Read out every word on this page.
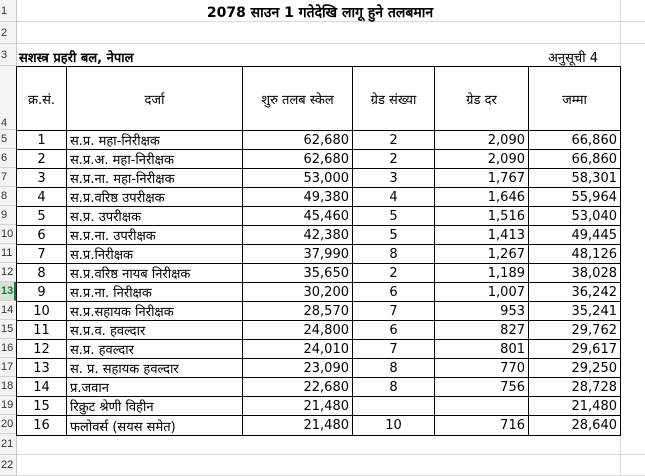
1
2
3
4
5
6
7
8
9
10
11
12
13
14
15
16
17
18
19
20
21
22
2078 साउन 1 गतेदेखि लागू हुने तलबमान
सशस्त्र प्रहरी बल, नेपाल	अनुसूची 4
क्र.सं.	दर्जा	शुरु तलब स्केल	ग्रेड संख्या	ग्रेड दर	जम्मा
1	स.प्र. महा-निरीक्षक	62,680	2	2,090	66,860
2	स.प्र.अ. महा-निरीक्षक	62,680	2	2,090	66,860
3	स.प्र.ना. महा-निरीक्षक	53,000	3	1,767	58,301
4	स.प्र.वरिष्ठ उपरीक्षक	49,380	4	1,646	55,964
5	स.प्र. उपरीक्षक	45,460	5	1,516	53,040
6	स.प्र.ना. उपरीक्षक	42,380	5	1,413	49,445
7	स.प्र.निरीक्षक	37,990	8	1,267	48,126
8	स.प्र.वरिष्ठ नायब निरीक्षक	35,650	2	1,189	38,028
9	स.प्र.ना. निरीक्षक	30,200	6	1,007	36,242
10	स.प्र.सहायक निरीक्षक	28,570	7	953	35,241
11	स.प्र.व. हवल्दार	24,800	6	827	29,762
12	स.प्र. हवल्दार	24,010	7	801	29,617
13	स. प्र. सहायक हवल्दार	23,090	8	770	29,250
14	प्र.जवान	22,680	8	756	28,728
15	रिक्रुट श्रेणी विहीन	21,480			21,480
16	फलोवर्स (सयस समेत)	21,480	10	716	28,640
